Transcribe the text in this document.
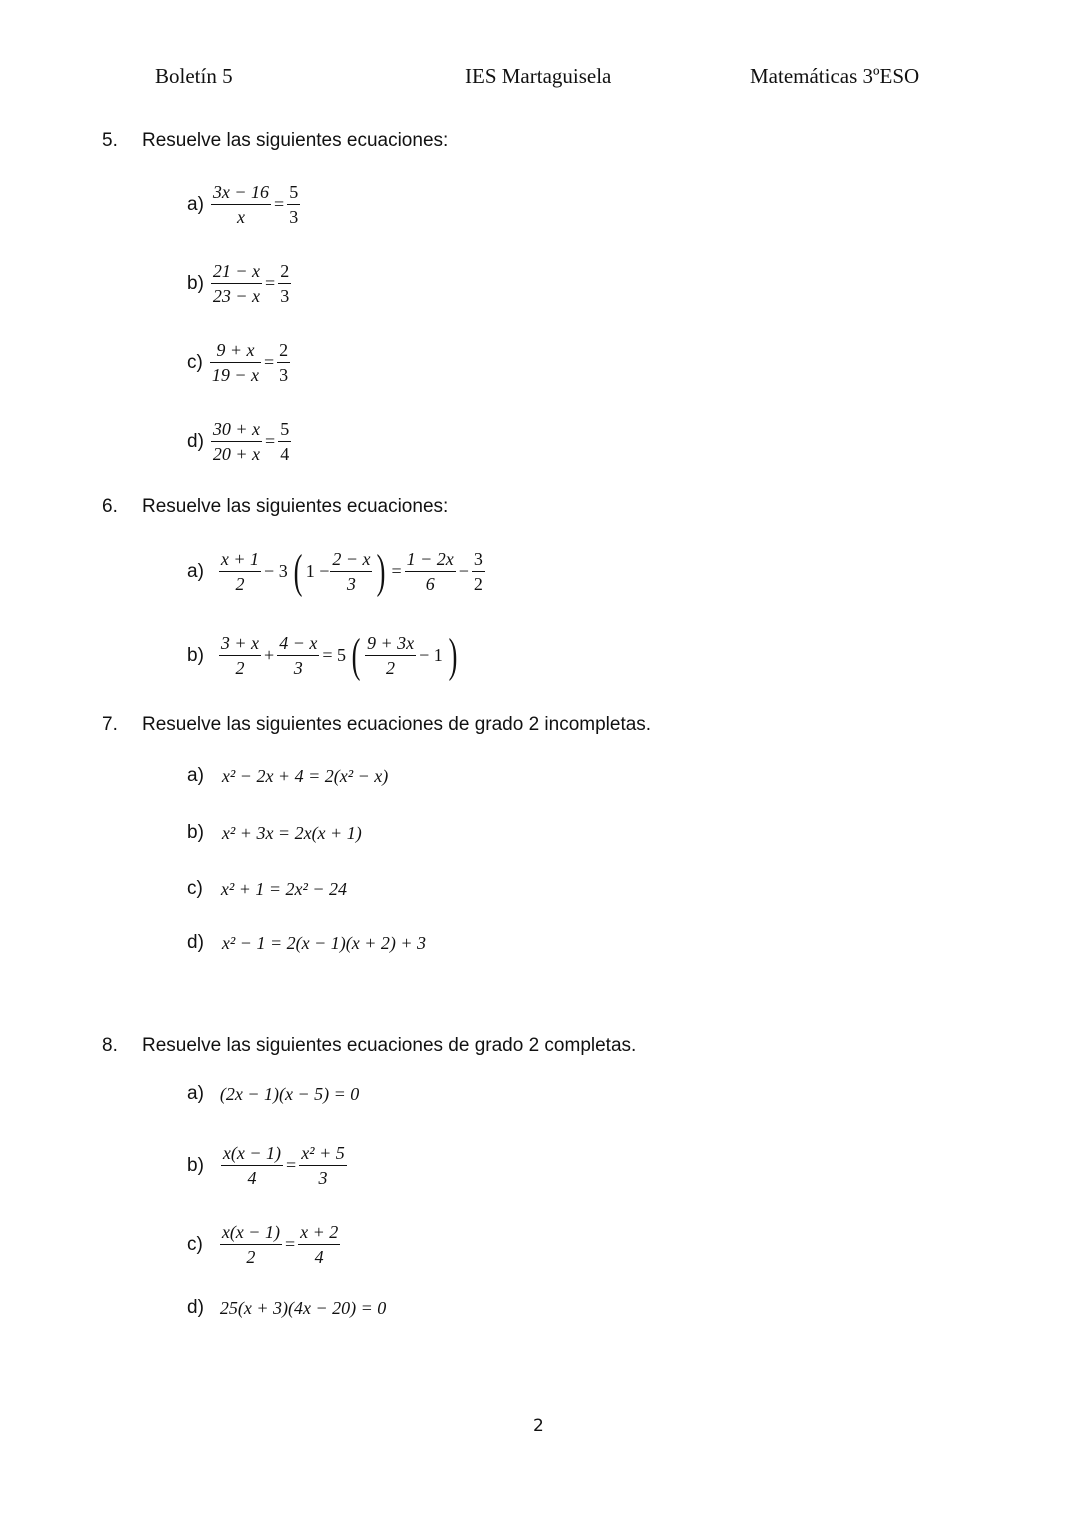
Boletín 5	IES Martaguisela	Matemáticas 3ºESO
5. Resuelve las siguientes ecuaciones:
$a) \frac{3x - 16}{x} = \frac{5}{3}$
$b) \frac{21 - x}{23 - x} = \frac{2}{3}$
$c) \frac{9 + x}{19 - x} = \frac{2}{3}$
$d) \frac{30 + x}{20 + x} = \frac{5}{4}$
6. Resuelve las siguientes ecuaciones:
$a) \frac{x + 1}{2} - 3$ ( $1 - \frac{2 - x}{3}$ ) = $\frac{1 - 2x}{6} - \frac{3}{2}$
$b) \frac{3 + x}{2} + \frac{4 - x}{3} = 5$ ( $\frac{9 + 3x}{2} - 1$ )
7. Resuelve las siguientes ecuaciones de grado 2 incompletas.
a) x² − 2x + 4 = 2(x² − x)
b) x² + 3x = 2x(x + 1)
c) x² + 1 = 2x² − 24
d) x² − 1 = 2(x − 1)(x + 2) + 3
8. Resuelve las siguientes ecuaciones de grado 2 completas.
a) (2x − 1)(x − 5) = 0
$b) \frac{x(x - 1)}{4} = \frac{\text{x² + 5}}{3}$
$c) \frac{x(x - 1)}{2} = \frac{x + 2}{4}$
d) 25(x + 3)(4x − 20) = 0
2
